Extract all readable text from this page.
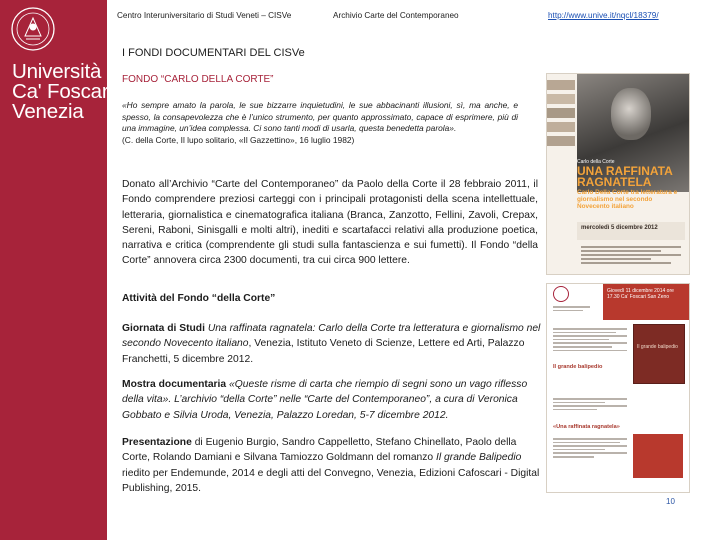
Università
Ca' Foscari
Venezia
Centro Interuniversitario di Studi Veneti – CISVe	Archivio Carte del Contemporaneo	http://www.unive.it/nqcl/18379/
I FONDI DOCUMENTARI DEL CISVe
FONDO “CARLO DELLA CORTE”
«Ho sempre amato la parola, le sue bizzarre inquietudini, le sue abbacinanti illusioni, sì, ma anche, e spesso, la consapevolezza che è l’unico strumento, per quanto approssimato, capace di esprimere, più di una immagine, un’idea complessa. Ci sono tanti modi di usarla, questa benedetta parola».
(C. della Corte, Il lupo solitario, «Il Gazzettino», 16 luglio 1982)
Donato all’Archivio “Carte del Contemporaneo” da Paolo della Corte il 28 febbraio 2011, il Fondo comprendere preziosi carteggi con i principali protagonisti della scena intellettuale, letteraria, giornalistica e cinematografica italiana (Branca, Zanzotto, Fellini, Zavoli, Crepax, Sereni, Raboni, Sinisgalli e molti altri), inediti e scartafacci relativi alla produzione poetica, narrativa e critica (comprendente gli studi sulla fantascienza e sui fumetti). Il Fondo “della Corte” annovera circa 2300 documenti, tra cui circa 900 lettere.
Attività del Fondo “della Corte”
Giornata di Studi Una raffinata ragnatela: Carlo della Corte tra letteratura e giornalismo nel secondo Novecento italiano, Venezia, Istituto Veneto di Scienze, Lettere ed Arti, Palazzo Franchetti, 5 dicembre 2012.
Mostra documentaria «Queste risme di carta che riempio di segni sono un vago riflesso della vita». L’archivio “della Corte” nelle “Carte del Contemporaneo”, a cura di Veronica Gobbato e Silvia Uroda, Venezia, Palazzo Loredan, 5-7 dicembre 2012.
Presentazione di Eugenio Burgio, Sandro Cappelletto, Stefano Chinellato, Paolo della Corte, Rolando Damiani e Silvana Tamiozzo Goldmann del romanzo Il grande Balipedio riedito per Endemunde, 2014 e degli atti del Convegno, Venezia, Edizioni Cafoscari - Digital Publishing, 2015.
10
Carlo della Corte
UNA RAFFINATA RAGNATELA
Carlo Della Corte tra letteratura e giornalismo nel secondo Novecento italiano
mercoledì 5 dicembre 2012
Giovedì 11 dicembre 2014 ore 17.30 Ca’ Foscari San Zeno
Il grande balipedio
Il grande balipedio
«Una raffinata ragnatela»
